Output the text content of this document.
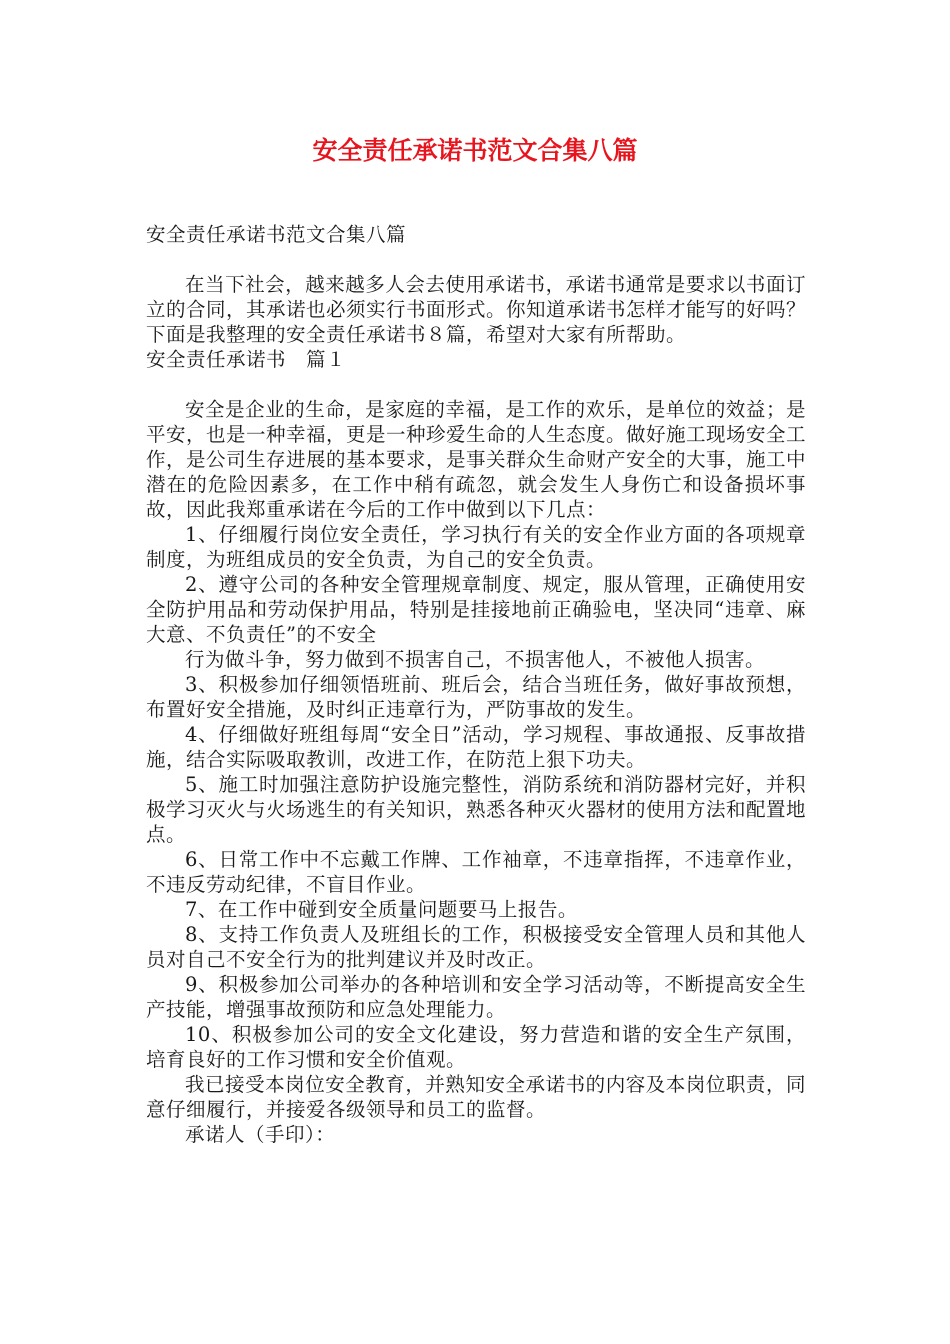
安全责任承诺书范文合集八篇

安全责任承诺书范文合集八篇

在当下社会，越来越多人会去使用承诺书，承诺书通常是要求以书面订立的合同，其承诺也必须实行书面形式。你知道承诺书怎样才能写的好吗？下面是我整理的安全责任承诺书８篇，希望对大家有所帮助。

安全责任承诺书　篇１

安全是企业的生命，是家庭的幸福，是工作的欢乐，是单位的效益；是平安，也是一种幸福，更是一种珍爱生命的人生态度。做好施工现场安全工作，是公司生存进展的基本要求，是事关群众生命财产安全的大事，施工中潜在的危险因素多，在工作中稍有疏忽，就会发生人身伤亡和设备损坏事故，因此我郑重承诺在今后的工作中做到以下几点：

1、仔细履行岗位安全责任，学习执行有关的安全作业方面的各项规章制度，为班组成员的安全负责，为自己的安全负责。

2、遵守公司的各种安全管理规章制度、规定，服从管理，正确使用安全防护用品和劳动保护用品，特别是挂接地前正确验电，坚决同“违章、麻大意、不负责任”的不安全

行为做斗争，努力做到不损害自己，不损害他人，不被他人损害。

3、积极参加仔细领悟班前、班后会，结合当班任务，做好事故预想，布置好安全措施，及时纠正违章行为，严防事故的发生。

4、仔细做好班组每周“安全日”活动，学习规程、事故通报、反事故措施，结合实际吸取教训，改进工作，在防范上狠下功夫。

5、施工时加强注意防护设施完整性，消防系统和消防器材完好，并积极学习灭火与火场逃生的有关知识，熟悉各种灭火器材的使用方法和配置地点。

6、日常工作中不忘戴工作牌、工作袖章，不违章指挥，不违章作业，不违反劳动纪律，不盲目作业。

7、在工作中碰到安全质量问题要马上报告。

8、支持工作负责人及班组长的工作，积极接受安全管理人员和其他人员对自己不安全行为的批判建议并及时改正。

9、积极参加公司举办的各种培训和安全学习活动等，不断提高安全生产技能，增强事故预防和应急处理能力。

10、积极参加公司的安全文化建设，努力营造和谐的安全生产氛围，培育良好的工作习惯和安全价值观。

我已接受本岗位安全教育，并熟知安全承诺书的内容及本岗位职责，同意仔细履行，并接爱各级领导和员工的监督。

承诺人（手印）：
